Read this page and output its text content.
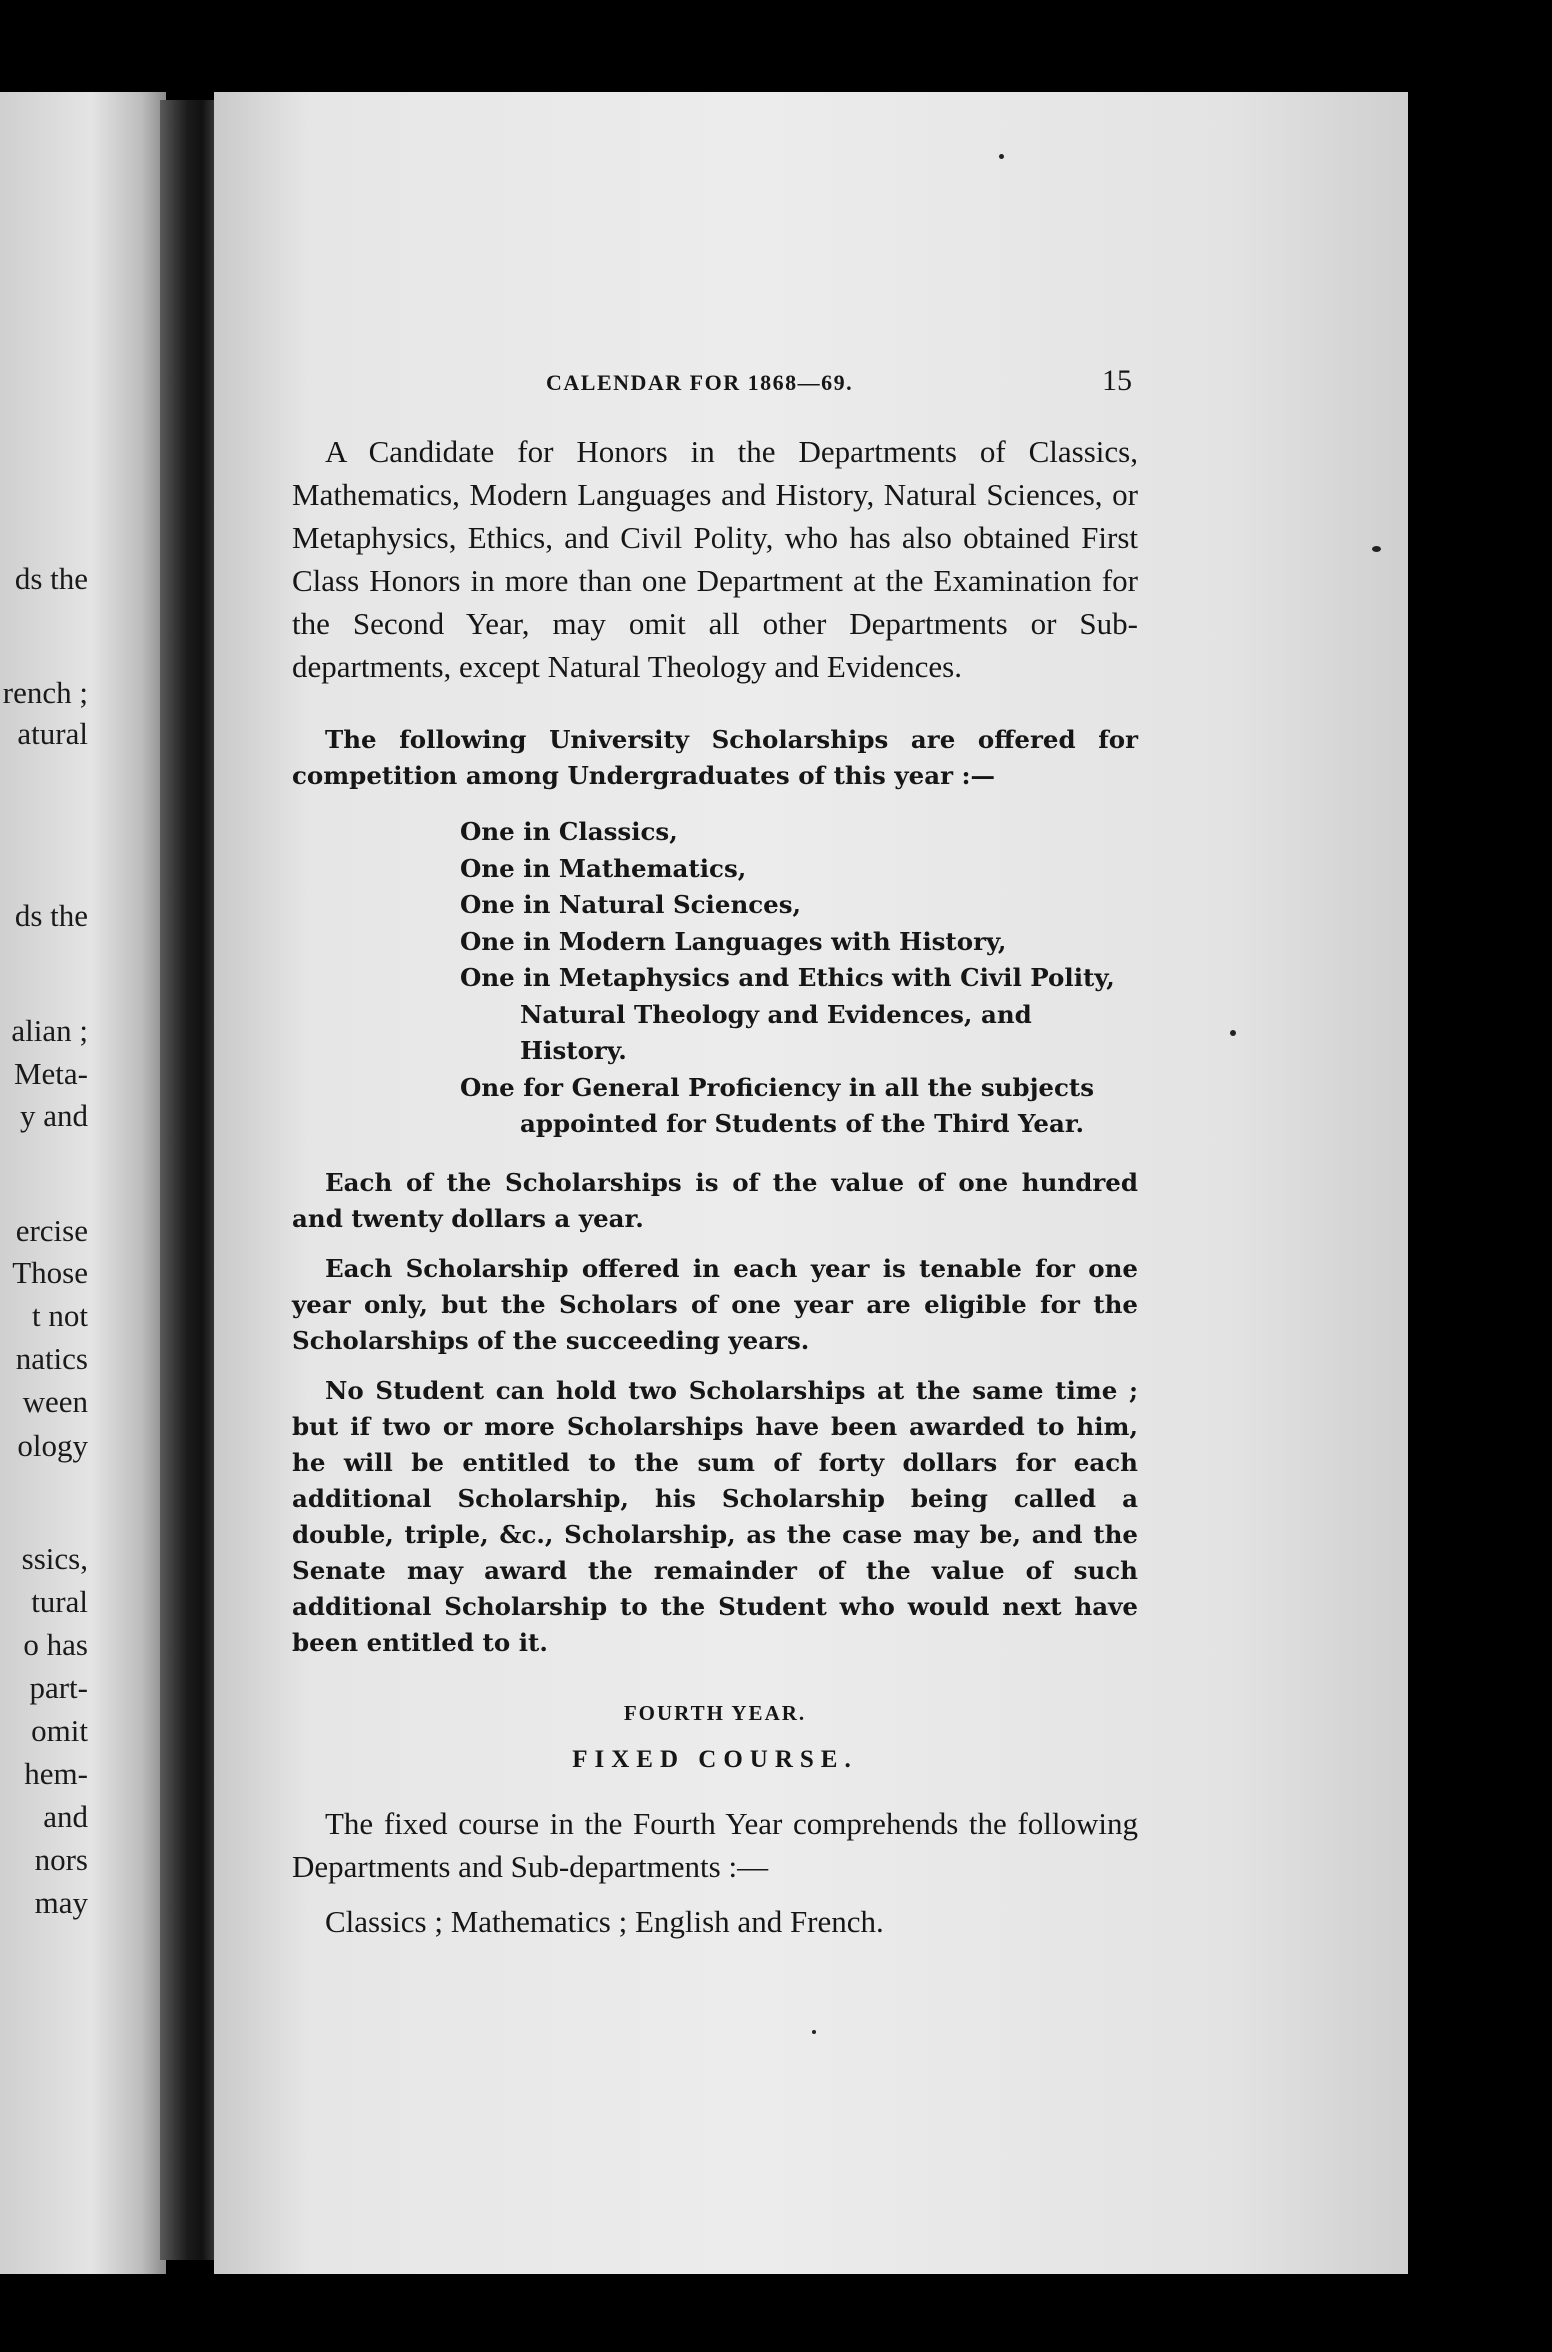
ds the
rench ;
atural
ds the
alian ;
Meta-
y and
ercise
Those
t not
natics
ween
ology
ssics,
tural
o has
part-
omit
hem-
and
nors
may
CALENDAR FOR 1868—69.	15

A Candidate for Honors in the Departments of Classics, Mathematics, Modern Languages and History, Natural Sciences, or Metaphysics, Ethics, and Civil Polity, who has also obtained First Class Honors in more than one Department at the Examination for the Second Year, may omit all other Departments or Sub-departments, except Natural Theology and Evidences.

The following University Scholarships are offered for competition among Undergraduates of this year :—

One in Classics,
One in Mathematics,
One in Natural Sciences,
One in Modern Languages with History,
One in Metaphysics and Ethics with Civil Polity, Natural Theology and Evidences, and History.
One for General Proficiency in all the subjects appointed for Students of the Third Year.

Each of the Scholarships is of the value of one hundred and twenty dollars a year.

Each Scholarship offered in each year is tenable for one year only, but the Scholars of one year are eligible for the Scholarships of the succeeding years.

No Student can hold two Scholarships at the same time ; but if two or more Scholarships have been awarded to him, he will be entitled to the sum of forty dollars for each additional Scholarship, his Scholarship being called a double, triple, &c., Scholarship, as the case may be, and the Senate may award the remainder of the value of such additional Scholarship to the Student who would next have been entitled to it.

FOURTH YEAR.
FIXED COURSE.

The fixed course in the Fourth Year comprehends the following Departments and Sub-departments :—

Classics ; Mathematics ; English and French.
